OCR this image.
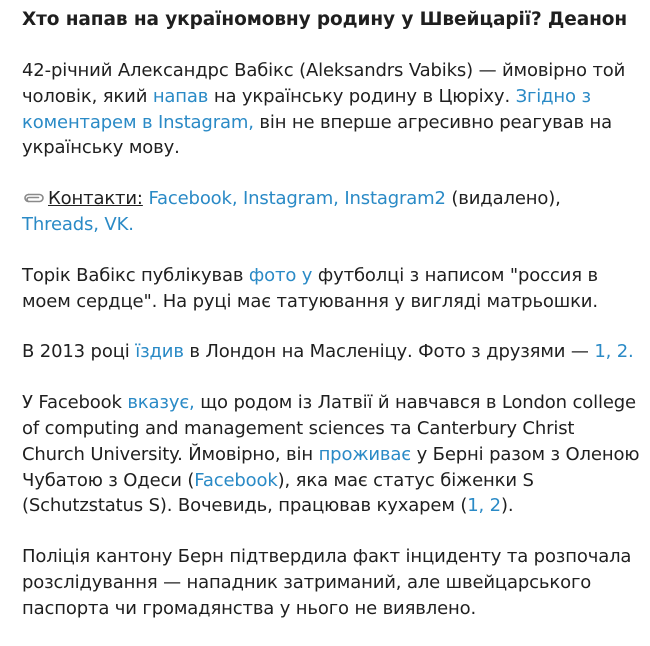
Хто напав на україномовну родину у Швейцарії? Деанон
42-річний Александрс Вабікс (Aleksandrs Vabiks) — ймовірно той чоловік, який напав на українську родину в Цюріху. Згідно з коментарем в Instagram, він не вперше агресивно реагував на українську мову.
Контакти: Facebook, Instagram, Instagram2 (видалено), Threads, VK.
Торік Вабікс публікував фото у футболці з написом "россия в моем сердце". На руці має татуювання у вигляді матрьошки.
В 2013 році їздив в Лондон на Масленіцу. Фото з друзями — 1, 2.
У Facebook вказує, що родом із Латвії й навчався в London college of computing and management sciences та Canterbury Christ Church University. Ймовірно, він проживає у Берні разом з Оленою Чубатою з Одеси (Facebook), яка має статус біженки S (Schutzstatus S). Вочевидь, працював кухарем (1, 2).
Поліція кантону Берн підтвердила факт інциденту та розпочала розслідування — нападник затриманий, але швейцарського паспорта чи громадянства у нього не виявлено.
